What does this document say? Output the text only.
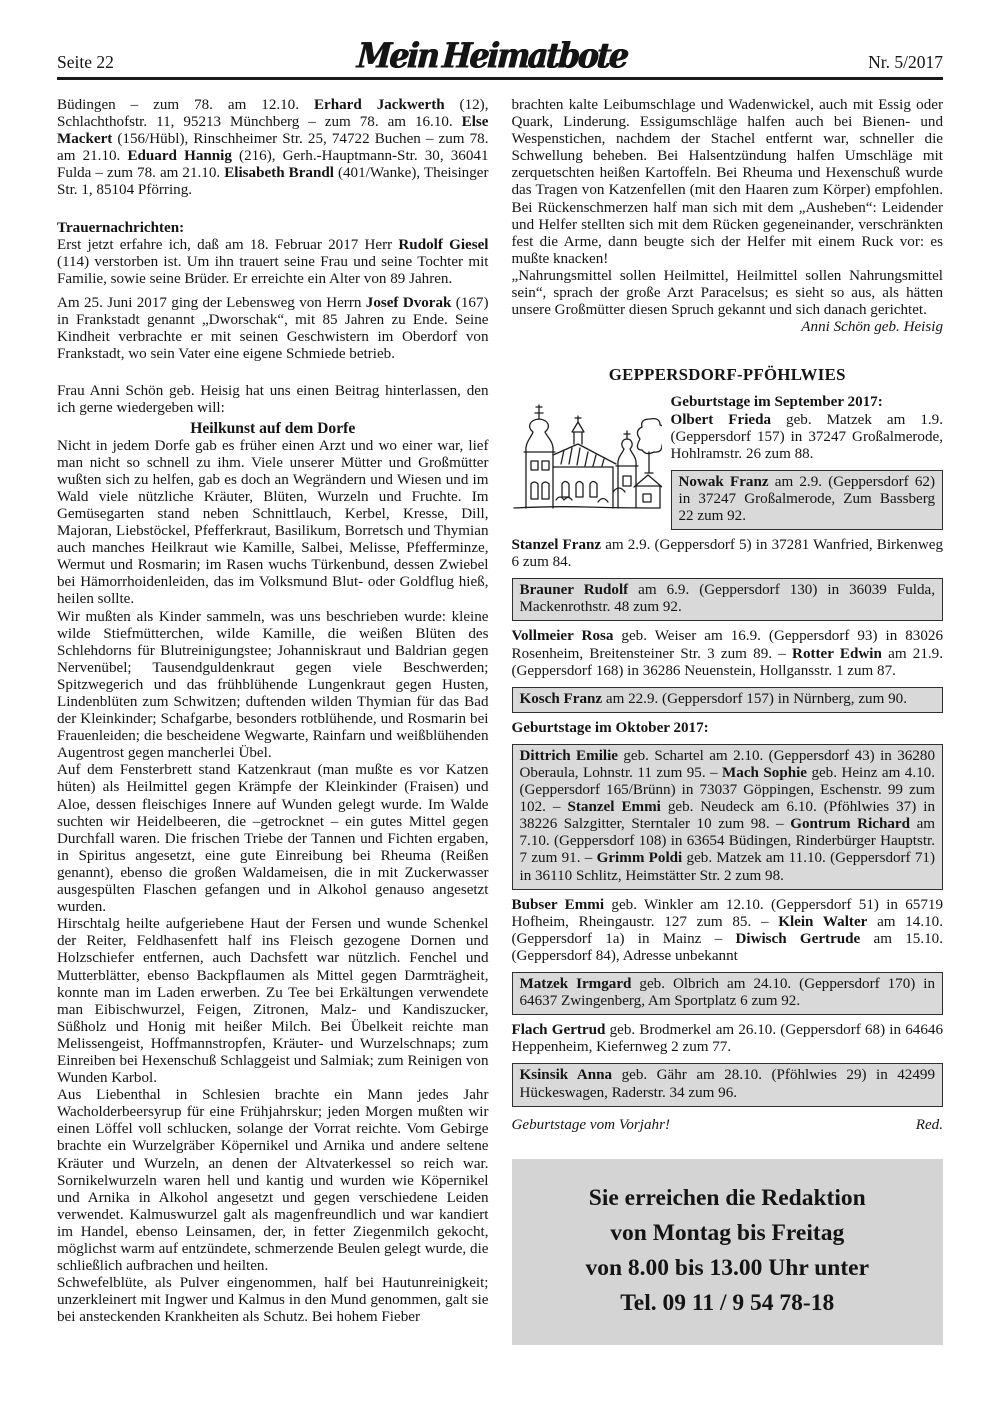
Seite 22	Mein Heimatbote	Nr. 5/2017

Büdingen – zum 78. am 12.10. Erhard Jackwerth (12), Schlachthofstr. 11, 95213 Münchberg – zum 78. am 16.10. Else Mackert (156/Hübl), Rinschheimer Str. 25, 74722 Buchen – zum 78. am 21.10. Eduard Hannig (216), Gerh.-Hauptmann-Str. 30, 36041 Fulda – zum 78. am 21.10. Elisabeth Brandl (401/Wanke), Theisinger Str. 1, 85104 Pförring.

Trauernachrichten:

Erst jetzt erfahre ich, daß am 18. Februar 2017 Herr Rudolf Giesel (114) verstorben ist. Um ihn trauert seine Frau und seine Tochter mit Familie, sowie seine Brüder. Er erreichte ein Alter von 89 Jahren.

Am 25. Juni 2017 ging der Lebensweg von Herrn Josef Dvorak (167) in Frankstadt genannt „Dworschak“, mit 85 Jahren zu Ende. Seine Kindheit verbrachte er mit seinen Geschwistern im Oberdorf von Frankstadt, wo sein Vater eine eigene Schmiede betrieb.

Frau Anni Schön geb. Heisig hat uns einen Beitrag hinterlassen, den ich gerne wiedergeben will:

Heilkunst auf dem Dorfe

Nicht in jedem Dorfe gab es früher einen Arzt und wo einer war, lief man nicht so schnell zu ihm. Viele unserer Mütter und Großmütter wußten sich zu helfen, gab es doch an Wegrändern und Wiesen und im Wald viele nützliche Kräuter, Blüten, Wurzeln und Fruchte. Im Gemüsegarten stand neben Schnittlauch, Kerbel, Kresse, Dill, Majoran, Liebstöckel, Pfefferkraut, Basilikum, Borretsch und Thymian auch manches Heilkraut wie Kamille, Salbei, Melisse, Pfefferminze, Wermut und Rosmarin; im Rasen wuchs Türkenbund, dessen Zwiebel bei Hämorrhoidenleiden, das im Volksmund Blut- oder Goldflug hieß, heilen sollte.

Wir mußten als Kinder sammeln, was uns beschrieben wurde: kleine wilde Stiefmütterchen, wilde Kamille, die weißen Blüten des Schlehdorns für Blutreinigungstee; Johanniskraut und Baldrian gegen Nervenübel; Tausendguldenkraut gegen viele Beschwerden; Spitzwegerich und das frühblühende Lungenkraut gegen Husten, Lindenblüten zum Schwitzen; duftenden wilden Thymian für das Bad der Kleinkinder; Schafgarbe, besonders rotblühende, und Rosmarin bei Frauenleiden; die bescheidene Wegwarte, Rainfarn und weißblühenden Augentrost gegen mancherlei Übel.

Auf dem Fensterbrett stand Katzenkraut (man mußte es vor Katzen hüten) als Heilmittel gegen Krämpfe der Kleinkinder (Fraisen) und Aloe, dessen fleischiges Innere auf Wunden gelegt wurde. Im Walde suchten wir Heidelbeeren, die –getrocknet – ein gutes Mittel gegen Durchfall waren. Die frischen Triebe der Tannen und Fichten ergaben, in Spiritus angesetzt, eine gute Einreibung bei Rheuma (Reißen genannt), ebenso die großen Waldameisen, die in mit Zuckerwasser ausgespülten Flaschen gefangen und in Alkohol genauso angesetzt wurden.

Hirschtalg heilte aufgeriebene Haut der Fersen und wunde Schenkel der Reiter, Feldhasenfett half ins Fleisch gezogene Dornen und Holzschiefer entfernen, auch Dachsfett war nützlich. Fenchel und Mutterblätter, ebenso Backpflaumen als Mittel gegen Darmträgheit, konnte man im Laden erwerben. Zu Tee bei Erkältungen verwendete man Eibischwurzel, Feigen, Zitronen, Malz- und Kandiszucker, Süßholz und Honig mit heißer Milch. Bei Übelkeit reichte man Melissengeist, Hoffmannstropfen, Kräuter- und Wurzelschnaps; zum Einreiben bei Hexenschuß Schlaggeist und Salmiak; zum Reinigen von Wunden Karbol.

Aus Liebenthal in Schlesien brachte ein Mann jedes Jahr Wacholderbeersyrup für eine Frühjahrskur; jeden Morgen mußten wir einen Löffel voll schlucken, solange der Vorrat reichte. Vom Gebirge brachte ein Wurzelgräber Köpernikel und Arnika und andere seltene Kräuter und Wurzeln, an denen der Altvaterkessel so reich war. Sornikelwurzeln waren hell und kantig und wurden wie Köpernikel und Arnika in Alkohol angesetzt und gegen verschiedene Leiden verwendet. Kalmuswurzel galt als magenfreundlich und war kandiert im Handel, ebenso Leinsamen, der, in fetter Ziegenmilch gekocht, möglichst warm auf entzündete, schmerzende Beulen gelegt wurde, die schließlich aufbrachen und heilten.

Schwefelblüte, als Pulver eingenommen, half bei Hautunreinigkeit; unzerkleinert mit Ingwer und Kalmus in den Mund genommen, galt sie bei ansteckenden Krankheiten als Schutz. Bei hohem Fieber

brachten kalte Leibumschlage und Wadenwickel, auch mit Essig oder Quark, Linderung. Essigumschläge halfen auch bei Bienen- und Wespenstichen, nachdem der Stachel entfernt war, schneller die Schwellung beheben. Bei Halsentzündung halfen Umschläge mit zerquetschten heißen Kartoffeln. Bei Rheuma und Hexenschuß wurde das Tragen von Katzenfellen (mit den Haaren zum Körper) empfohlen. Bei Rückenschmerzen half man sich mit dem „Ausheben“: Leidender und Helfer stellten sich mit dem Rücken gegeneinander, verschränkten fest die Arme, dann beugte sich der Helfer mit einem Ruck vor: es mußte knacken!

„Nahrungsmittel sollen Heilmittel, Heilmittel sollen Nahrungsmittel sein“, sprach der große Arzt Paracelsus; es sieht so aus, als hätten unsere Großmütter diesen Spruch gekannt und sich danach gerichtet.

Anni Schön geb. Heisig

GEPPERSDORF-PFÖHLWIES

Geburtstage im September 2017:

Olbert Frieda geb. Matzek am 1.9. (Geppersdorf 157) in 37247 Großalmerode, Hohlramstr. 26 zum 88.

Nowak Franz am 2.9. (Geppersdorf 62) in 37247 Großalmerode, Zum Bassberg 22 zum 92.

Stanzel Franz am 2.9. (Geppersdorf 5) in 37281 Wanfried, Birkenweg 6 zum 84.

Brauner Rudolf am 6.9. (Geppersdorf 130) in 36039 Fulda, Mackenrothstr. 48 zum 92.

Vollmeier Rosa geb. Weiser am 16.9. (Geppersdorf 93) in 83026 Rosenheim, Breitensteiner Str. 3 zum 89. – Rotter Edwin am 21.9. (Geppersdorf 168) in 36286 Neuenstein, Hollgansstr. 1 zum 87.

Kosch Franz am 22.9. (Geppersdorf 157) in Nürnberg, zum 90.

Geburtstage im Oktober 2017:

Dittrich Emilie geb. Schartel am 2.10. (Geppersdorf 43) in 36280 Oberaula, Lohnstr. 11 zum 95. – Mach Sophie geb. Heinz am 4.10. (Geppersdorf 165/Brünn) in 73037 Göppingen, Eschenstr. 99 zum 102. – Stanzel Emmi geb. Neudeck am 6.10. (Pföhlwies 37) in 38226 Salzgitter, Sterntaler 10 zum 98. – Gontrum Richard am 7.10. (Geppersdorf 108) in 63654 Büdingen, Rinderbürger Hauptstr. 7 zum 91. – Grimm Poldi geb. Matzek am 11.10. (Geppersdorf 71) in 36110 Schlitz, Heimstätter Str. 2 zum 98.

Bubser Emmi geb. Winkler am 12.10. (Geppersdorf 51) in 65719 Hofheim, Rheingaustr. 127 zum 85. – Klein Walter am 14.10. (Geppersdorf 1a) in Mainz – Diwisch Gertrude am 15.10. (Geppersdorf 84), Adresse unbekannt

Matzek Irmgard geb. Olbrich am 24.10. (Geppersdorf 170) in 64637 Zwingenberg, Am Sportplatz 6 zum 92.

Flach Gertrud geb. Brodmerkel am 26.10. (Geppersdorf 68) in 64646 Heppenheim, Kiefernweg 2 zum 77.

Ksinsik Anna geb. Gähr am 28.10. (Pföhlwies 29) in 42499 Hückeswagen, Raderstr. 34 zum 96.

Geburtstage vom Vorjahr!	Red.

Sie erreichen die Redaktion

von Montag bis Freitag

von 8.00 bis 13.00 Uhr unter

Tel. 09 11 / 9 54 78-18
